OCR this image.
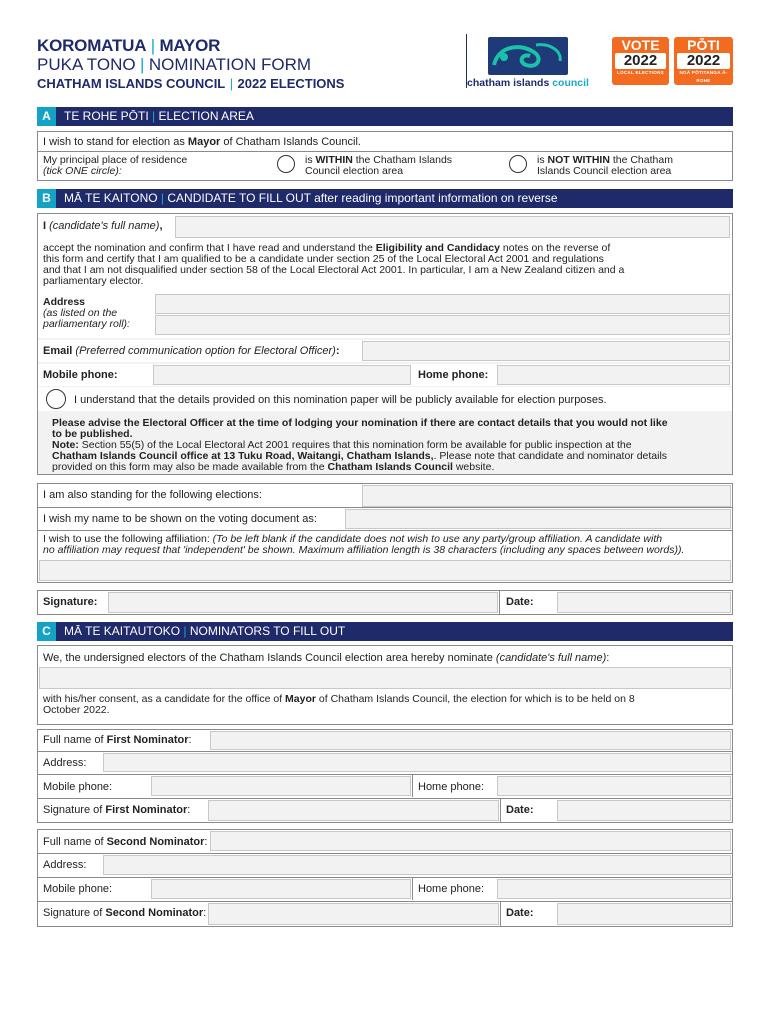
KOROMATUA | MAYOR
PUKA TONO | NOMINATION FORM
CHATHAM ISLANDS COUNCIL | 2022 ELECTIONS	chatham islands council
VOTE
2022
LOCAL ELECTIONS
PŌTI
2022
NGĀ PŌTITANGA Ā-ROHE
A TE ROHE PŌTI | ELECTION AREA
I wish to stand for election as Mayor of Chatham Islands Council.
My principal place of residence
(tick ONE circle):
is WITHIN the Chatham Islands
Council election area
is NOT WITHIN the Chatham
Islands Council election area
B MĀ TE KAITONO | CANDIDATE TO FILL OUT after reading important information on reverse
I (candidate's full name),
accept the nomination and confirm that I have read and understand the Eligibility and Candidacy notes on the reverse of
this form and certify that I am qualified to be a candidate under section 25 of the Local Electoral Act 2001 and regulations
and that I am not disqualified under section 58 of the Local Electoral Act 2001. In particular, I am a New Zealand citizen and a
parliamentary elector.
Address
(as listed on the
parliamentary roll):
Email (Preferred communication option for Electoral Officer):
Mobile phone:	Home phone:
I understand that the details provided on this nomination paper will be publicly available for election purposes.
Please advise the Electoral Officer at the time of lodging your nomination if there are contact details that you would not like
to be published.
Note: Section 55(5) of the Local Electoral Act 2001 requires that this nomination form be available for public inspection at the
Chatham Islands Council office at 13 Tuku Road, Waitangi, Chatham Islands,. Please note that candidate and nominator details
provided on this form may also be made available from the Chatham Islands Council website.
I am also standing for the following elections:
I wish my name to be shown on the voting document as:
I wish to use the following affiliation: (To be left blank if the candidate does not wish to use any party/group affiliation. A candidate with
no affiliation may request that 'independent' be shown. Maximum affiliation length is 38 characters (including any spaces between words)).
Signature:	Date:
C MĀ TE KAITAUTOKO | NOMINATORS TO FILL OUT
We, the undersigned electors of the Chatham Islands Council election area hereby nominate (candidate's full name):
with his/her consent, as a candidate for the office of Mayor of Chatham Islands Council, the election for which is to be held on 8
October 2022.
Full name of First Nominator:
Address:
Mobile phone:	Home phone:
Signature of First Nominator:	Date:
Full name of Second Nominator:
Address:
Mobile phone:	Home phone:
Signature of Second Nominator:	Date:
